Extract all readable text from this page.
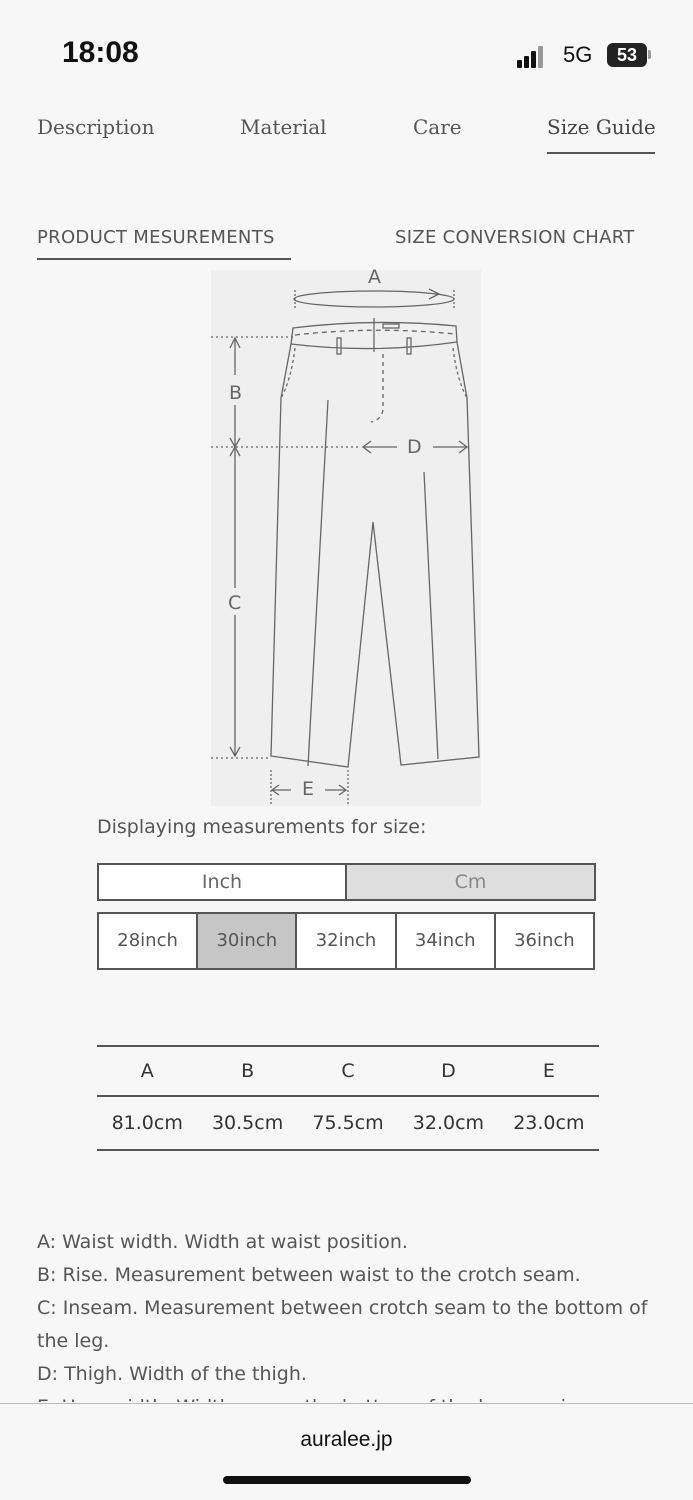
18:08	5G	53
Description	Material	Care	Size Guide
PRODUCT MESUREMENTS	SIZE CONVERSION CHART
A
B
C
D
E
Displaying measurements for size:
Inch	Cm
28inch	30inch	32inch	34inch	36inch
A	B	C	D	E
81.0cm	30.5cm	75.5cm	32.0cm	23.0cm

A: Waist width. Width at waist position.

B: Rise. Measurement between waist to the crotch seam.

C: Inseam. Measurement between crotch seam to the bottom of the leg.

D: Thigh. Width of the thigh.

auralee.jp
